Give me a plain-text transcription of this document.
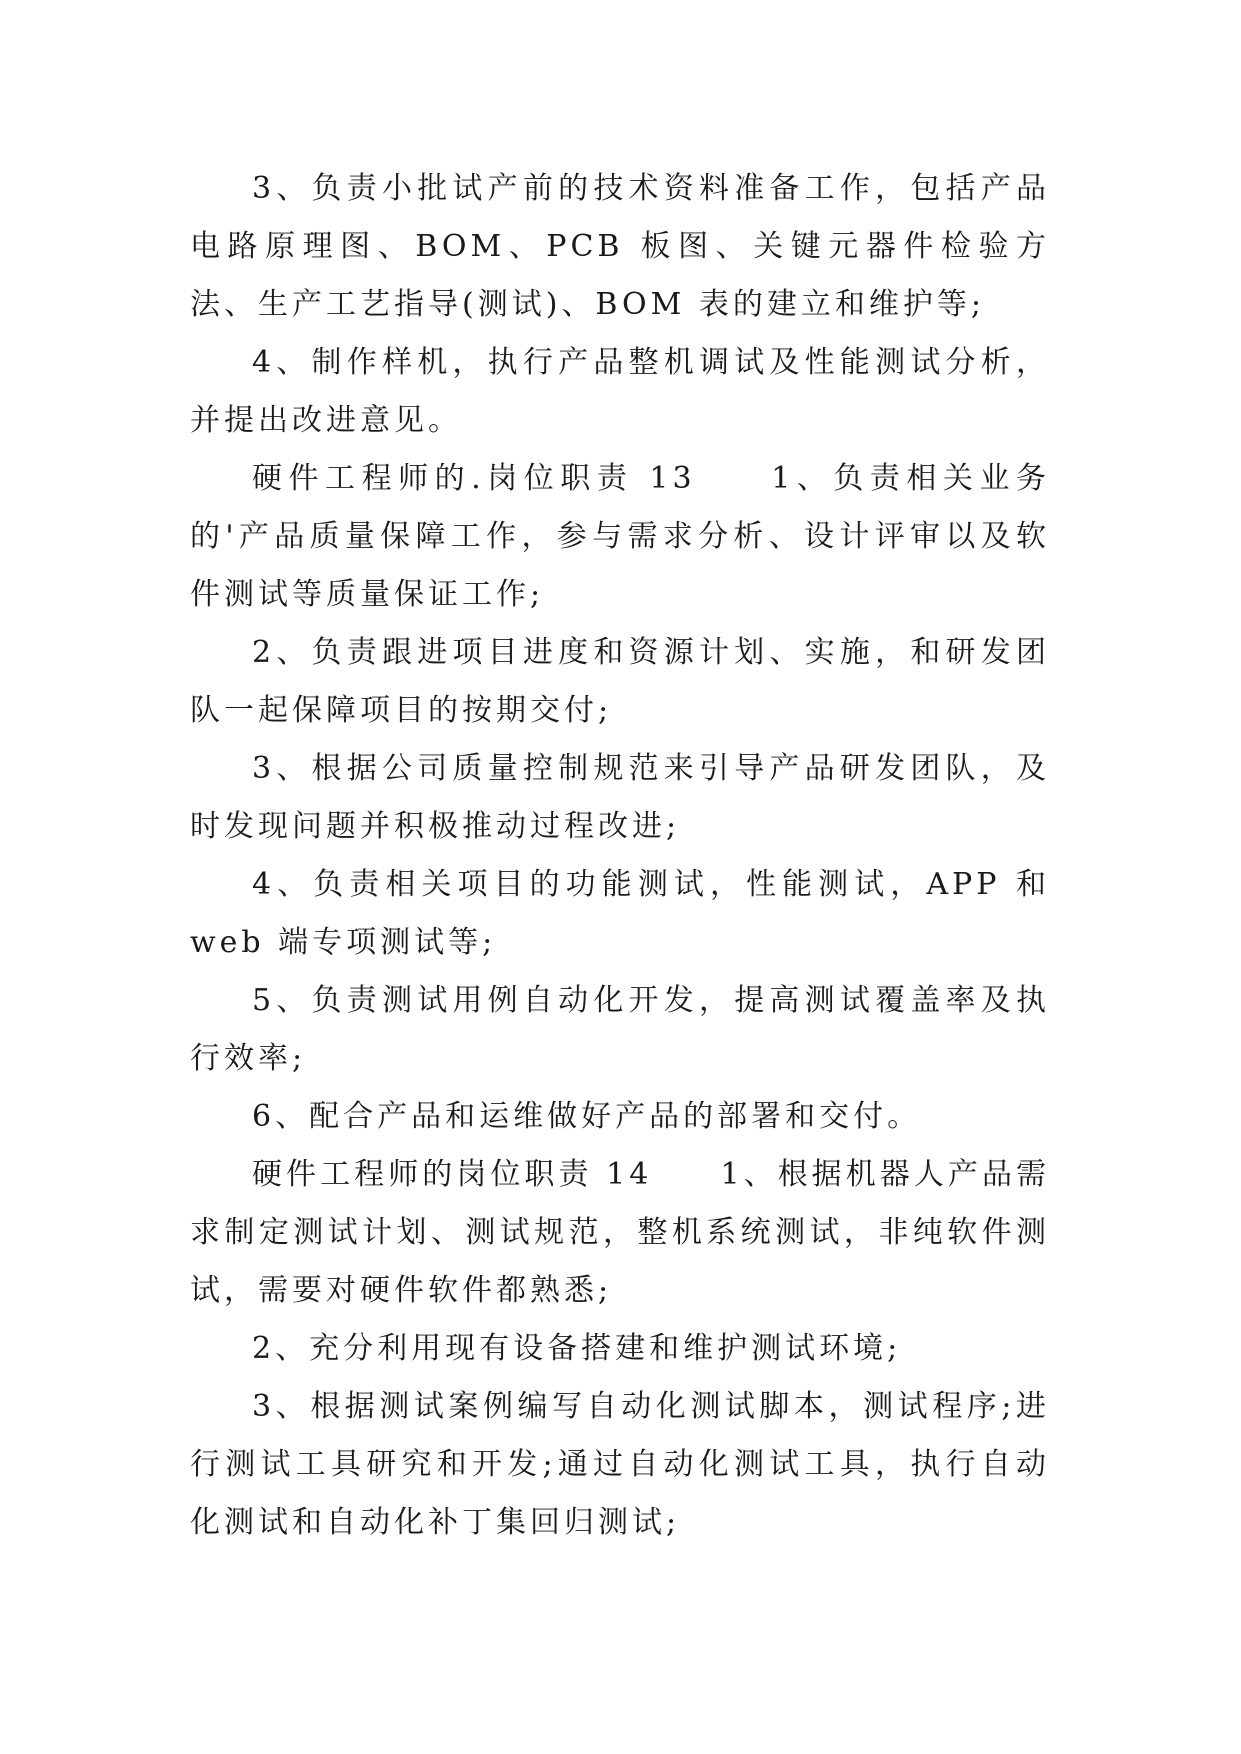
3、负责小批试产前的技术资料准备工作，包括产品电路原理图、BOM、PCB 板图、关键元器件检验方法、生产工艺指导(测试)、BOM 表的建立和维护等;

4、制作样机，执行产品整机调试及性能测试分析，并提出改进意见。

硬件工程师的.岗位职责 13　　1、负责相关业务的'产品质量保障工作，参与需求分析、设计评审以及软件测试等质量保证工作;

2、负责跟进项目进度和资源计划、实施，和研发团队一起保障项目的按期交付;

3、根据公司质量控制规范来引导产品研发团队，及时发现问题并积极推动过程改进;

4、负责相关项目的功能测试，性能测试，APP 和 web 端专项测试等;

5、负责测试用例自动化开发，提高测试覆盖率及执行效率;

6、配合产品和运维做好产品的部署和交付。

硬件工程师的岗位职责 14　　1、根据机器人产品需求制定测试计划、测试规范，整机系统测试，非纯软件测试，需要对硬件软件都熟悉;

2、充分利用现有设备搭建和维护测试环境;

3、根据测试案例编写自动化测试脚本，测试程序;进行测试工具研究和开发;通过自动化测试工具，执行自动化测试和自动化补丁集回归测试;
